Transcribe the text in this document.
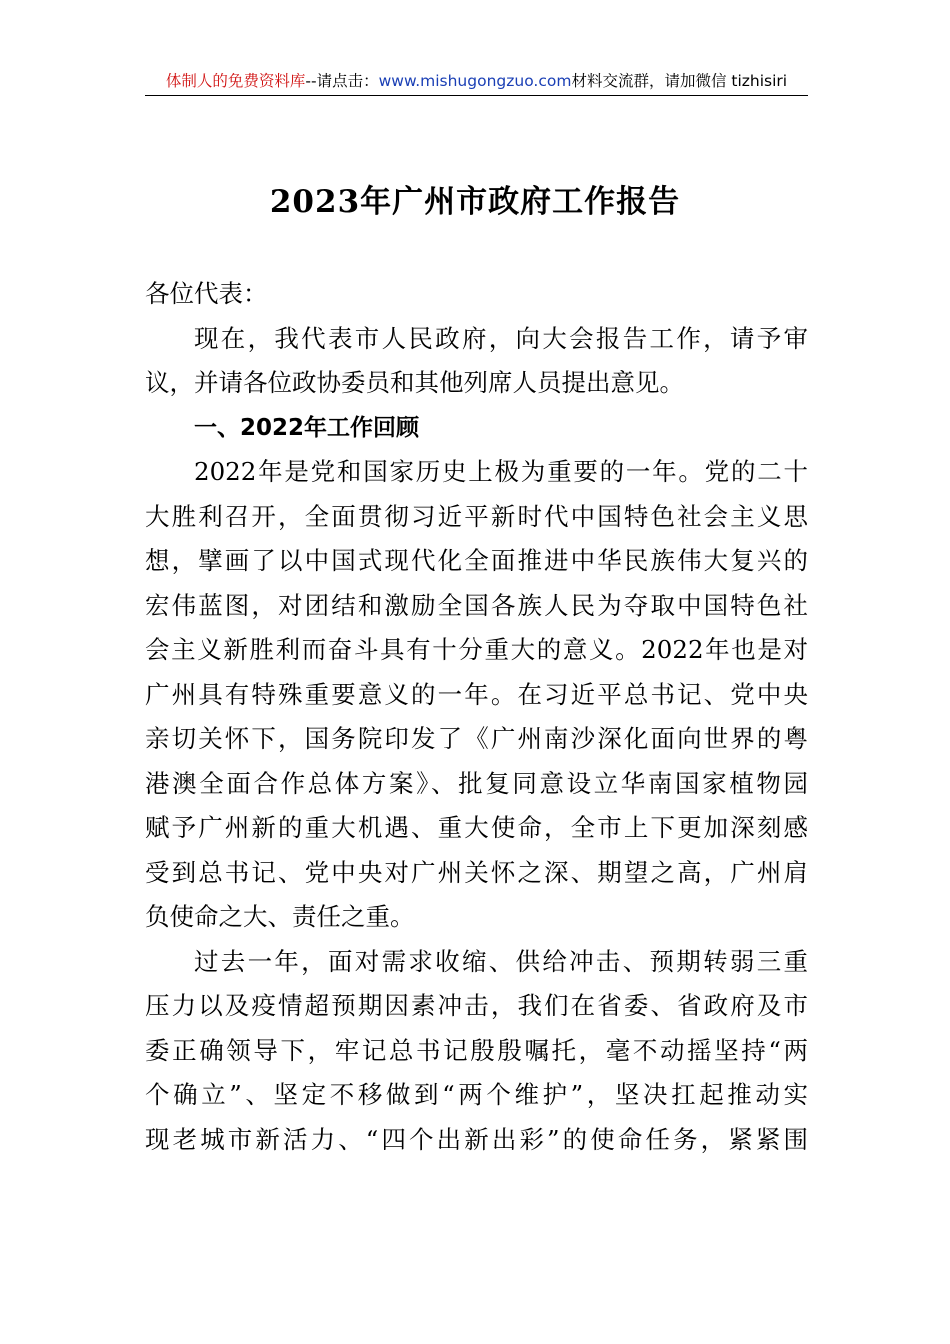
体制人的免费资料库--请点击：www.mishugongzuo.com材料交流群，请加微信 tizhisiri
2023年广州市政府工作报告
各位代表：
现在，我代表市人民政府，向大会报告工作，请予审
议，并请各位政协委员和其他列席人员提出意见。
一、2022年工作回顾
2022年是党和国家历史上极为重要的一年。党的二十
大胜利召开，全面贯彻习近平新时代中国特色社会主义思
想，擘画了以中国式现代化全面推进中华民族伟大复兴的
宏伟蓝图，对团结和激励全国各族人民为夺取中国特色社
会主义新胜利而奋斗具有十分重大的意义。2022年也是对
广州具有特殊重要意义的一年。在习近平总书记、党中央
亲切关怀下，国务院印发了《广州南沙深化面向世界的粤
港澳全面合作总体方案》、批复同意设立华南国家植物园
赋予广州新的重大机遇、重大使命，全市上下更加深刻感
受到总书记、党中央对广州关怀之深、期望之高，广州肩
负使命之大、责任之重。
过去一年，面对需求收缩、供给冲击、预期转弱三重
压力以及疫情超预期因素冲击，我们在省委、省政府及市
委正确领导下，牢记总书记殷殷嘱托，毫不动摇坚持“两
个确立”、坚定不移做到“两个维护”，坚决扛起推动实
现老城市新活力、“四个出新出彩”的使命任务，紧紧围
